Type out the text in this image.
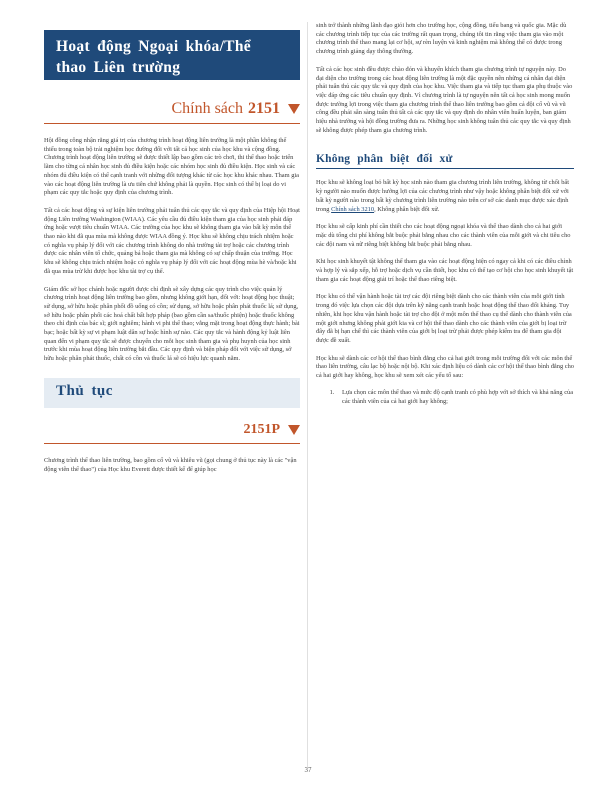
Hoạt động Ngoại khóa/Thể thao Liên trường
Chính sách 2151

Hội đồng công nhận rằng giá trị của chương trình hoạt động liên trường là một phần không thể thiếu trong toàn bộ trải nghiệm học đường đối với tất cả học sinh của học khu và cộng đồng. Chương trình hoạt động liên trường sẽ được thiết lập bao gồm các trò chơi, thi thể thao hoặc triển lãm cho từng cá nhân học sinh đủ điều kiện hoặc các nhóm học sinh đủ điều kiện. Học sinh và các nhóm đủ điều kiện có thể cạnh tranh với những đối tượng khác từ các học khu khác nhau. Tham gia vào các hoạt động liên trường là ưu tiên chứ không phải là quyền. Học sinh có thể bị loại do vi phạm các quy tắc hoặc quy định của chương trình.

Tất cả các hoạt động và sự kiện liên trường phải tuân thủ các quy tắc và quy định của Hiệp hội Hoạt động Liên trường Washington (WIAA). Các yêu cầu đủ điều kiện tham gia của học sinh phải đáp ứng hoặc vượt tiêu chuẩn WIAA. Các trường của học khu sẽ không tham gia vào bất kỳ môn thể thao nào khi đã qua mùa mà không được WIAA đồng ý. Học khu sẽ không chịu trách nhiệm hoặc có nghĩa vụ pháp lý đối với các chương trình không do nhà trường tài trợ hoặc các chương trình được các nhân viên tổ chức, quảng bá hoặc tham gia mà không có sự chấp thuận của trường. Học khu sẽ không chịu trách nhiệm hoặc có nghĩa vụ pháp lý đối với các hoạt động mùa hè và/hoặc khi đã qua mùa trừ khi được học khu tài trợ cụ thể.

Giám đốc sở học chánh hoặc người được chỉ định sẽ xây dựng các quy trình cho việc quản lý chương trình hoạt động liên trường bao gồm, nhưng không giới hạn, đối với: hoạt động học thuật; sử dụng, sở hữu hoặc phân phối đồ uống có cồn; sử dụng, sở hữu hoặc phân phát thuốc lá; sử dụng, sở hữu hoặc phân phối các hoá chất bất hợp pháp (bao gồm cần sa/thuốc phiện) hoặc thuốc không theo chỉ định của bác sĩ; giới nghiêm; hành vi phi thể thao; vắng mặt trong hoạt động thực hành; bài bạc; hoặc bất kỳ sự vi phạm luật dân sự hoặc hình sự nào. Các quy tắc và hành động kỷ luật liên quan đến vi phạm quy tắc sẽ được chuyển cho mỗi học sinh tham gia và phụ huynh của học sinh trước khi mùa hoạt động liên trường bắt đầu. Các quy định và biện pháp đối với việc sử dụng, sở hữu hoặc phân phát thuốc, chất có cồn và thuốc lá sẽ có hiệu lực quanh năm.

Thủ tục
2151P

Chương trình thể thao liên trường, bao gồm cổ vũ và khiêu vũ (gọi chung ở thủ tục này là các "vận động viên thể thao") của Học khu Everett được thiết kế để giúp học

sinh trở thành những lãnh đạo giỏi hơn cho trường học, cộng đồng, tiểu bang và quốc gia. Mặc dù các chương trình tiếp tục của các trường rất quan trọng, chúng tôi tin rằng việc tham gia vào một chương trình thể thao mang lại cơ hội, sự rèn luyện và kinh nghiệm mà không thể có được trong chương trình giảng dạy thông thường.

Tất cả các học sinh đều được chào đón và khuyến khích tham gia chương trình tự nguyện này. Do đại diện cho trường trong các hoạt động liên trường là một đặc quyền nên những cá nhân đại diện phải tuân thủ các quy tắc và quy định của học khu. Việc tham gia và tiếp tục tham gia phụ thuộc vào việc đáp ứng các tiêu chuẩn quy định. Vì chương trình là tự nguyện nên tất cả học sinh mong muốn được trường lợi trong việc tham gia chương trình thể thao liên trường bao gồm cả đội cổ vũ và vũ công đều phải sẵn sàng tuân thủ tất cả các quy tắc và quy định do nhân viên huấn luyện, ban giám hiệu nhà trường và hội đồng trường đưa ra. Những học sinh không tuân thủ các quy tắc và quy định sẽ không được phép tham gia chương trình.

Không phân biệt đối xử

Học khu sẽ không loại bỏ bất kỳ học sinh nào tham gia chương trình liên trường, không từ chối bất kỳ người nào muốn được hưởng lợi của các chương trình như vậy hoặc không phân biệt đối xử với bất kỳ người nào trong bất kỳ chương trình liên trường nào trên cơ sở các danh mục được xác định trong Chính sách 3210, Không phân biệt đối xử.

Học khu sẽ cấp kinh phí cần thiết cho các hoạt động ngoại khóa và thể thao dành cho cả hai giới mặc dù tổng chi phí không bắt buộc phải bằng nhau cho các thành viên của mỗi giới và chi tiêu cho các đội nam và nữ riêng biệt không bắt buộc phải bằng nhau.

Khi học sinh khuyết tật không thể tham gia vào các hoạt động hiện có ngay cả khi có các điều chỉnh và hợp lý và sắp xếp, hỗ trợ hoặc dịch vụ cần thiết, học khu có thể tạo cơ hội cho học sinh khuyết tật tham gia các hoạt động giải trí hoặc thể thao riêng biệt.

Học khu có thể vận hành hoặc tài trợ các đội riêng biệt dành cho các thành viên của mỗi giới tính trong đó việc lựa chọn các đội dựa trên kỹ năng cạnh tranh hoặc hoạt động thể thao đối kháng. Tuy nhiên, khi học khu vận hành hoặc tài trợ cho đội ở một môn thể thao cụ thể dành cho thành viên của một giới nhưng không phải giới kia và cơ hội thể thao dành cho các thành viên của giới bị loại trừ đây đã bị hạn chế thì các thành viên của giới bị loại trừ phải được phép kiểm tra để tham gia đội được đề xuất.

Học khu sẽ dành các cơ hội thể thao bình đẳng cho cả hai giới trong mỗi trường đối với các môn thể thao liên trường, câu lạc bộ hoặc nội bộ. Khi xác định liệu có dành các cơ hội thể thao bình đẳng cho cả hai giới hay không, học khu sẽ xem xét các yếu tố sau:

1. Lựa chọn các môn thể thao và mức độ cạnh tranh có phù hợp với sở thích và khả năng của các thành viên của cả hai giới hay không;
37
